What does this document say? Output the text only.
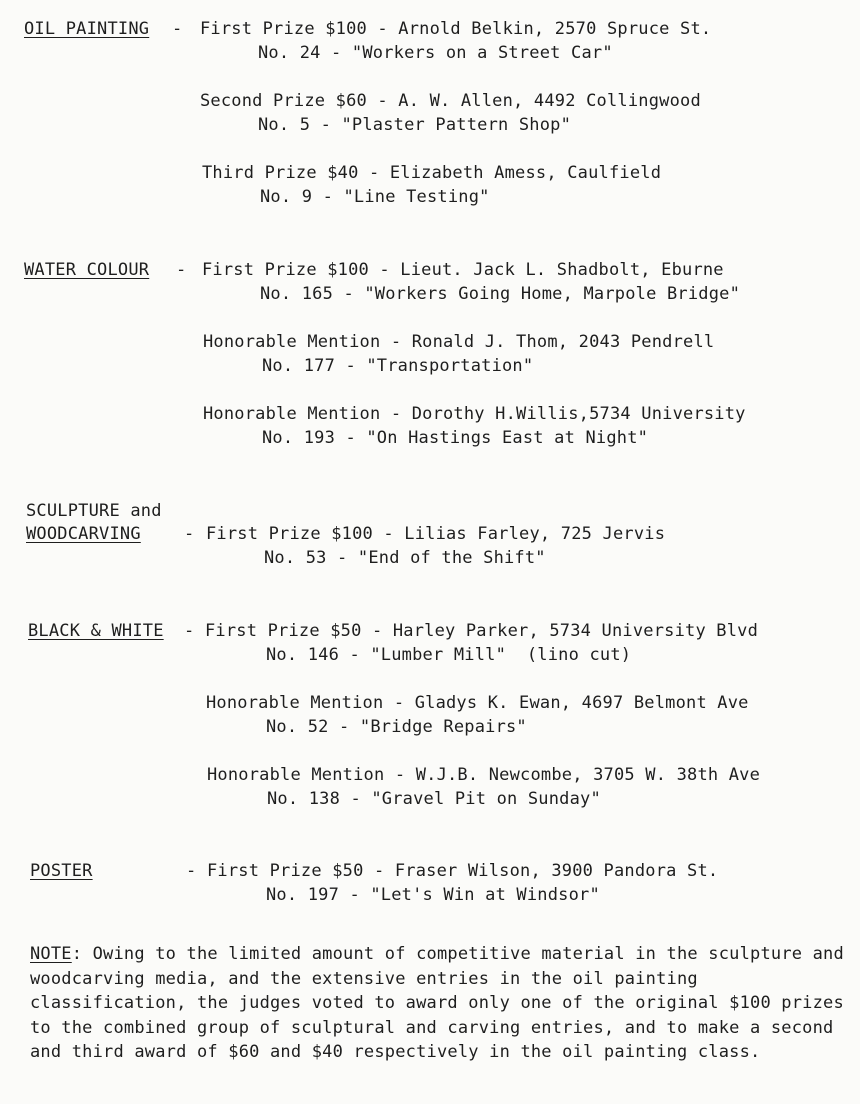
OIL PAINTING - First Prize $100 - Arnold Belkin, 2570 Spruce St.
No. 24 - "Workers on a Street Car"
Second Prize $60 - A. W. Allen, 4492 Collingwood
No. 5 - "Plaster Pattern Shop"
Third Prize $40 - Elizabeth Amess, Caulfield
No. 9 - "Line Testing"
WATER COLOUR - First Prize $100 - Lieut. Jack L. Shadbolt, Eburne
No. 165 - "Workers Going Home, Marpole Bridge"
Honorable Mention - Ronald J. Thom, 2043 Pendrell
No. 177 - "Transportation"
Honorable Mention - Dorothy H.Willis,5734 University
No. 193 - "On Hastings East at Night"
SCULPTURE and
WOODCARVING	- First Prize $100 - Lilias Farley, 725 Jervis
No. 53 - "End of the Shift"
BLACK & WHITE - First Prize $50 - Harley Parker, 5734 University Blvd
No. 146 - "Lumber Mill"  (lino cut)
Honorable Mention - Gladys K. Ewan, 4697 Belmont Ave
No. 52 - "Bridge Repairs"
Honorable Mention - W.J.B. Newcombe, 3705 W. 38th Ave
No. 138 - "Gravel Pit on Sunday"
POSTER	- First Prize $50 - Fraser Wilson, 3900 Pandora St.
No. 197 - "Let's Win at Windsor"
NOTE: Owing to the limited amount of competitive material in the sculpture and woodcarving media, and the extensive entries in the oil painting classification, the judges voted to award only one of the original $100 prizes to the combined group of sculptural and carving entries, and to make a second and third award of $60 and $40 respectively in the oil painting class.
